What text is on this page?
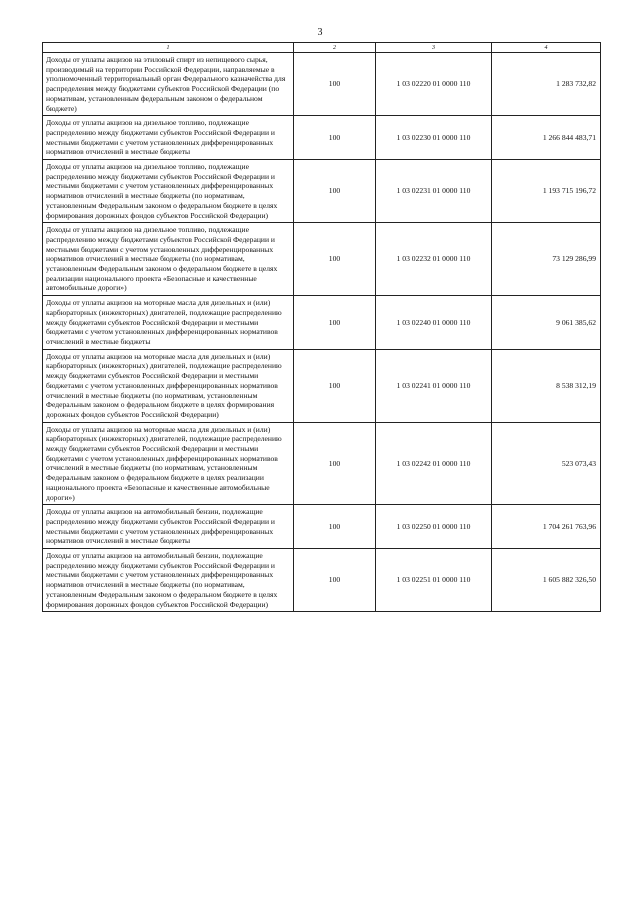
3
1	2	3	4
Доходы от уплаты акцизов на этиловый спирт из непищевого сырья, производимый на территории Российской Федерации, направляемые в уполномоченный территориальный орган Федерального казначейства для распределения между бюджетами субъектов Российской Федерации (по нормативам, установленным федеральным законом о федеральном бюджете)	100	1 03 02220 01 0000 110	1 283 732,82
Доходы от уплаты акцизов на дизельное топливо, подлежащие распределению между бюджетами субъектов Российской Федерации и местными бюджетами с учетом установленных дифференцированных нормативов отчислений в местные бюджеты	100	1 03 02230 01 0000 110	1 266 844 483,71
Доходы от уплаты акцизов на дизельное топливо, подлежащие распределению между бюджетами субъектов Российской Федерации и местными бюджетами с учетом установленных дифференцированных нормативов отчислений в местные бюджеты (по нормативам, установленным Федеральным законом о федеральном бюджете в целях формирования дорожных фондов субъектов Российской Федерации)	100	1 03 02231 01 0000 110	1 193 715 196,72
Доходы от уплаты акцизов на дизельное топливо, подлежащие распределению между бюджетами субъектов Российской Федерации и местными бюджетами с учетом установленных дифференцированных нормативов отчислений в местные бюджеты (по нормативам, установленным Федеральным законом о федеральном бюджете в целях реализации национального проекта «Безопасные и качественные автомобильные дороги»)	100	1 03 02232 01 0000 110	73 129 286,99
Доходы от уплаты акцизов на моторные масла для дизельных и (или) карбюраторных (инжекторных) двигателей, подлежащие распределению между бюджетами субъектов Российской Федерации и местными бюджетами с учетом установленных дифференцированных нормативов отчислений в местные бюджеты	100	1 03 02240 01 0000 110	9 061 385,62
Доходы от уплаты акцизов на моторные масла для дизельных и (или) карбюраторных (инжекторных) двигателей, подлежащие распределению между бюджетами субъектов Российской Федерации и местными бюджетами с учетом установленных дифференцированных нормативов отчислений в местные бюджеты (по нормативам, установленным Федеральным законом о федеральном бюджете в целях формирования дорожных фондов субъектов Российской Федерации)	100	1 03 02241 01 0000 110	8 538 312,19
Доходы от уплаты акцизов на моторные масла для дизельных и (или) карбюраторных (инжекторных) двигателей, подлежащие распределению между бюджетами субъектов Российской Федерации и местными бюджетами с учетом установленных дифференцированных нормативов отчислений в местные бюджеты (по нормативам, установленным Федеральным законом о федеральном бюджете в целях реализации национального проекта «Безопасные и качественные автомобильные дороги»)	100	1 03 02242 01 0000 110	523 073,43
Доходы от уплаты акцизов на автомобильный бензин, подлежащие распределению между бюджетами субъектов Российской Федерации и местными бюджетами с учетом установленных дифференцированных нормативов отчислений в местные бюджеты	100	1 03 02250 01 0000 110	1 704 261 763,96
Доходы от уплаты акцизов на автомобильный бензин, подлежащие распределению между бюджетами субъектов Российской Федерации и местными бюджетами с учетом установленных дифференцированных нормативов отчислений в местные бюджеты (по нормативам, установленным Федеральным законом о федеральном бюджете в целях формирования дорожных фондов субъектов Российской Федерации)	100	1 03 02251 01 0000 110	1 605 882 326,50
